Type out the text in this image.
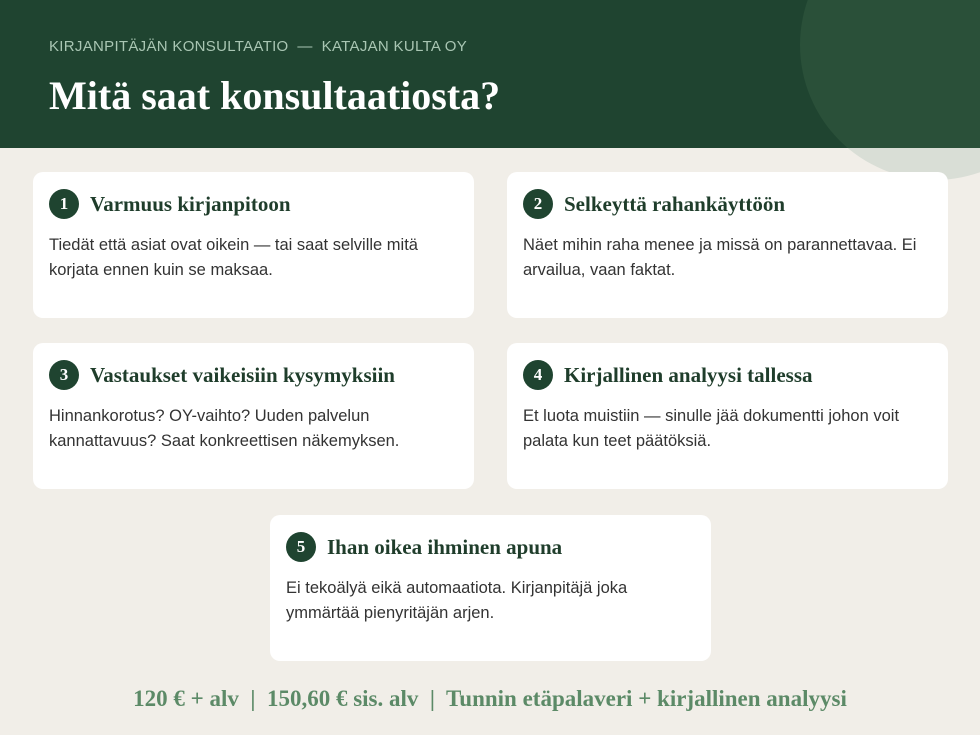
KIRJANPITÄJÄN KONSULTAATIO  —  KATAJAN KULTA OY
Mitä saat konsultaatiosta?
1	Varmuus kirjanpitoon
Tiedät että asiat ovat oikein — tai saat selville mitä korjata ennen kuin se maksaa.
2	Selkeyttä rahankäyttöön
Näet mihin raha menee ja missä on parannettavaa. Ei arvailua, vaan faktat.
3	Vastaukset vaikeisiin kysymyksiin
Hinnankorotus? OY-vaihto? Uuden palvelun kannattavuus? Saat konkreettisen näkemyksen.
4	Kirjallinen analyysi tallessa
Et luota muistiin — sinulle jää dokumentti johon voit palata kun teet päätöksiä.
5	Ihan oikea ihminen apuna
Ei tekoälyä eikä automaatiota. Kirjanpitäjä joka ymmärtää pienyritäjän arjen.
120 € + alv  |  150,60 € sis. alv  |  Tunnin etäpalaveri + kirjallinen analyysi
